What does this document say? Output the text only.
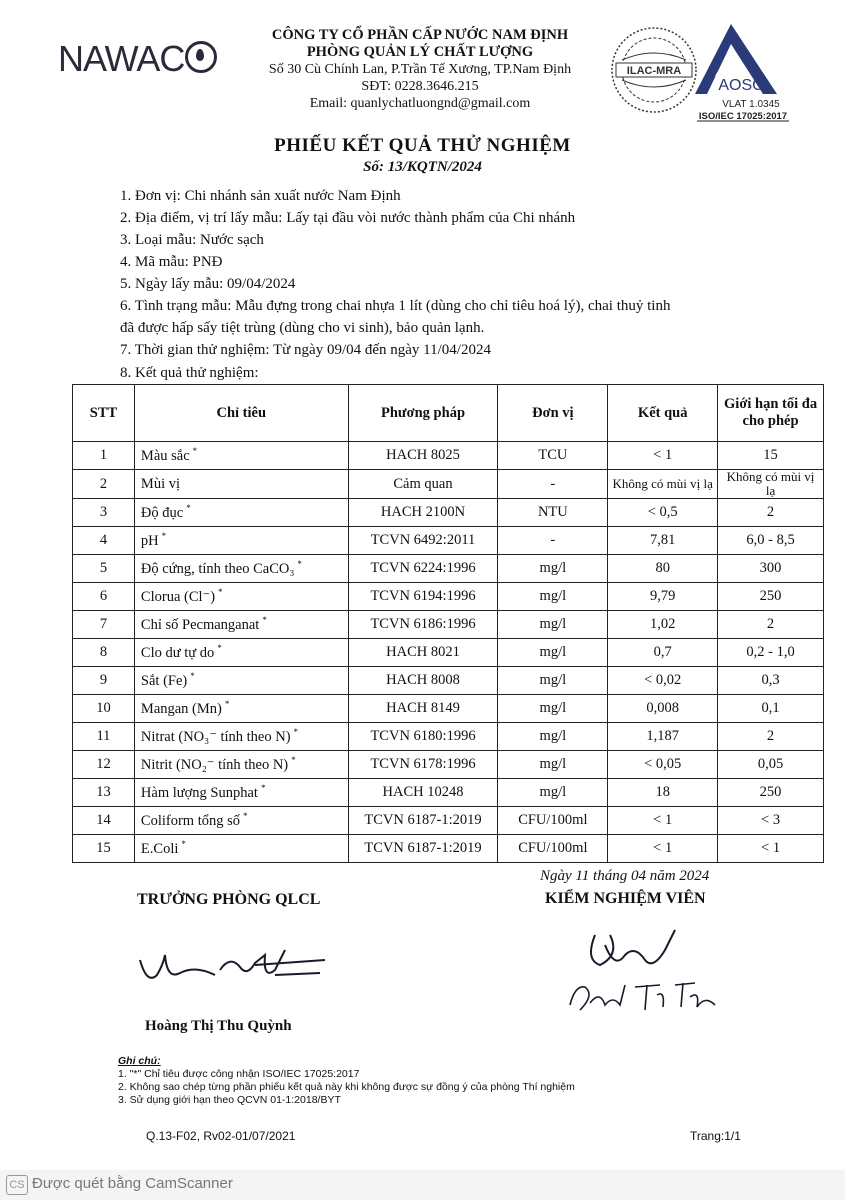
NAWAC
CÔNG TY CỔ PHẦN CẤP NƯỚC NAM ĐỊNH
PHÒNG QUẢN LÝ CHẤT LƯỢNG
Số 30 Cù Chính Lan, P.Trần Tế Xương, TP.Nam Định
SĐT: 0228.3646.215
Email: quanlychatluongnd@gmail.com
ILAC-MRA
AOSC
VLAT 1.0345
ISO/IEC 17025:2017
PHIẾU KẾT QUẢ THỬ NGHIỆM
Số: 13/KQTN/2024
1. Đơn vị: Chi nhánh sản xuất nước Nam Định
2. Địa điểm, vị trí lấy mẫu: Lấy tại đầu vòi nước thành phẩm của Chi nhánh
3. Loại mẫu: Nước sạch
4. Mã mẫu: PNĐ
5. Ngày lấy mẫu: 09/04/2024
6. Tình trạng mẫu: Mẫu đựng trong chai nhựa 1 lít (dùng cho chỉ tiêu hoá lý), chai thuỷ tinh
đã được hấp sấy tiệt trùng (dùng cho vi sinh), bảo quản lạnh.
7. Thời gian thử nghiệm: Từ ngày 09/04 đến ngày 11/04/2024
8. Kết quả thử nghiệm:
STT	Chỉ tiêu	Phương pháp	Đơn vị	Kết quả	Giới hạn tối đa cho phép
1	Màu sắc *	HACH 8025	TCU	< 1	15
2	Mùi vị	Cảm quan	-	Không có mùi vị lạ	Không có mùi vị lạ
3	Độ đục *	HACH 2100N	NTU	< 0,5	2
4	pH *	TCVN 6492:2011	-	7,81	6,0 - 8,5
5	Độ cứng, tính theo CaCO₃ *	TCVN 6224:1996	mg/l	80	300
6	Clorua (Cl⁻) *	TCVN 6194:1996	mg/l	9,79	250
7	Chỉ số Pecmanganat *	TCVN 6186:1996	mg/l	1,02	2
8	Clo dư tự do *	HACH 8021	mg/l	0,7	0,2 - 1,0
9	Sắt (Fe) *	HACH 8008	mg/l	< 0,02	0,3
10	Mangan (Mn) *	HACH 8149	mg/l	0,008	0,1
11	Nitrat (NO₃⁻ tính theo N) *	TCVN 6180:1996	mg/l	1,187	2
12	Nitrit (NO₂⁻ tính theo N) *	TCVN 6178:1996	mg/l	< 0,05	0,05
13	Hàm lượng Sunphat *	HACH 10248	mg/l	18	250
14	Coliform tổng số *	TCVN 6187-1:2019	CFU/100ml	< 1	< 3
15	E.Coli *	TCVN 6187-1:2019	CFU/100ml	< 1	< 1
Ngày 11 tháng 04 năm 2024
TRƯỞNG PHÒNG QLCL	KIỂM NGHIỆM VIÊN
Hoàng Thị Thu Quỳnh
Ghi chú:
1. "*" Chỉ tiêu được công nhận ISO/IEC 17025:2017
2. Không sao chép từng phần phiếu kết quả này khi không được sự đồng ý của phòng Thí nghiệm
3. Sử dụng giới hạn theo QCVN 01-1:2018/BYT
Q.13-F02, Rv02-01/07/2021	Trang:1/1
CS Được quét bằng CamScanner
